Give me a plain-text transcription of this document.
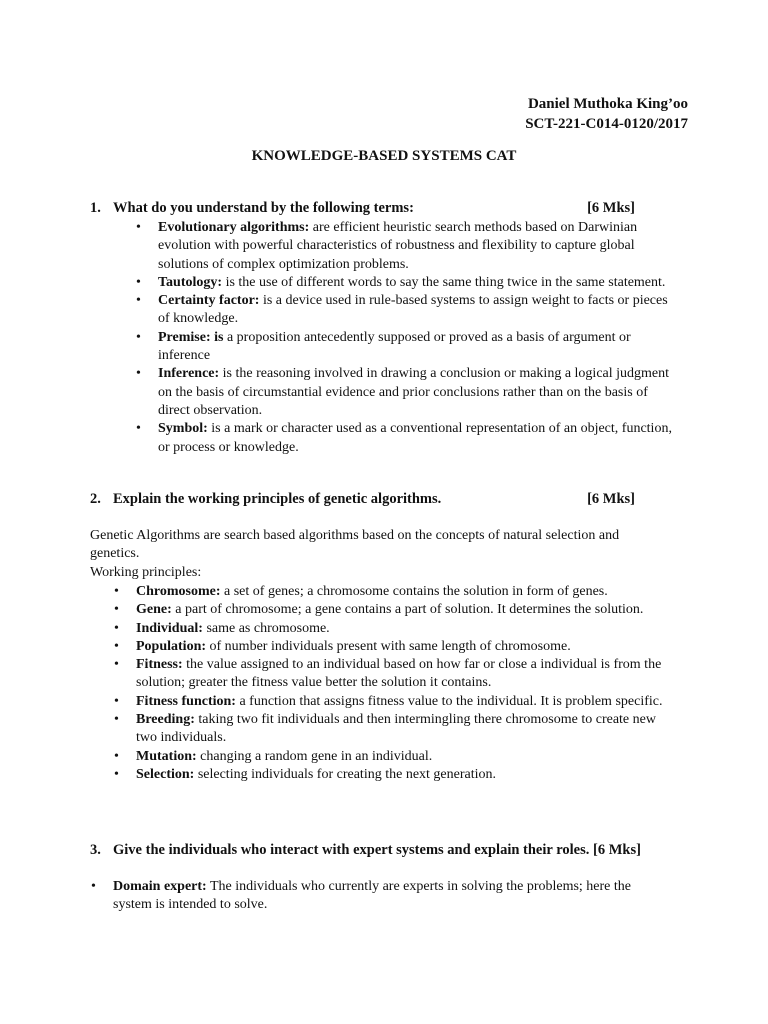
Daniel Muthoka King’oo
SCT-221-C014-0120/2017
KNOWLEDGE-BASED SYSTEMS CAT
1. What do you understand by the following terms:	[6 Mks]
• Evolutionary algorithms: are efficient heuristic search methods based on Darwinian evolution with powerful characteristics of robustness and flexibility to capture global solutions of complex optimization problems.
• Tautology: is the use of different words to say the same thing twice in the same statement.
• Certainty factor: is a device used in rule-based systems to assign weight to facts or pieces of knowledge.
• Premise: is a proposition antecedently supposed or proved as a basis of argument or inference
• Inference: is the reasoning involved in drawing a conclusion or making a logical judgment on the basis of circumstantial evidence and prior conclusions rather than on the basis of direct observation.
• Symbol: is a mark or character used as a conventional representation of an object, function, or process or knowledge.
2. Explain the working principles of genetic algorithms.	[6 Mks]
Genetic Algorithms are search based algorithms based on the concepts of natural selection and genetics.
Working principles:
• Chromosome: a set of genes; a chromosome contains the solution in form of genes.
• Gene: a part of chromosome; a gene contains a part of solution. It determines the solution.
• Individual: same as chromosome.
• Population: of number individuals present with same length of chromosome.
• Fitness: the value assigned to an individual based on how far or close a individual is from the solution; greater the fitness value better the solution it contains.
• Fitness function: a function that assigns fitness value to the individual. It is problem specific.
• Breeding: taking two fit individuals and then intermingling there chromosome to create new two individuals.
• Mutation: changing a random gene in an individual.
• Selection: selecting individuals for creating the next generation.
3. Give the individuals who interact with expert systems and explain their roles. [6 Mks]
• Domain expert: The individuals who currently are experts in solving the problems; here the system is intended to solve.
